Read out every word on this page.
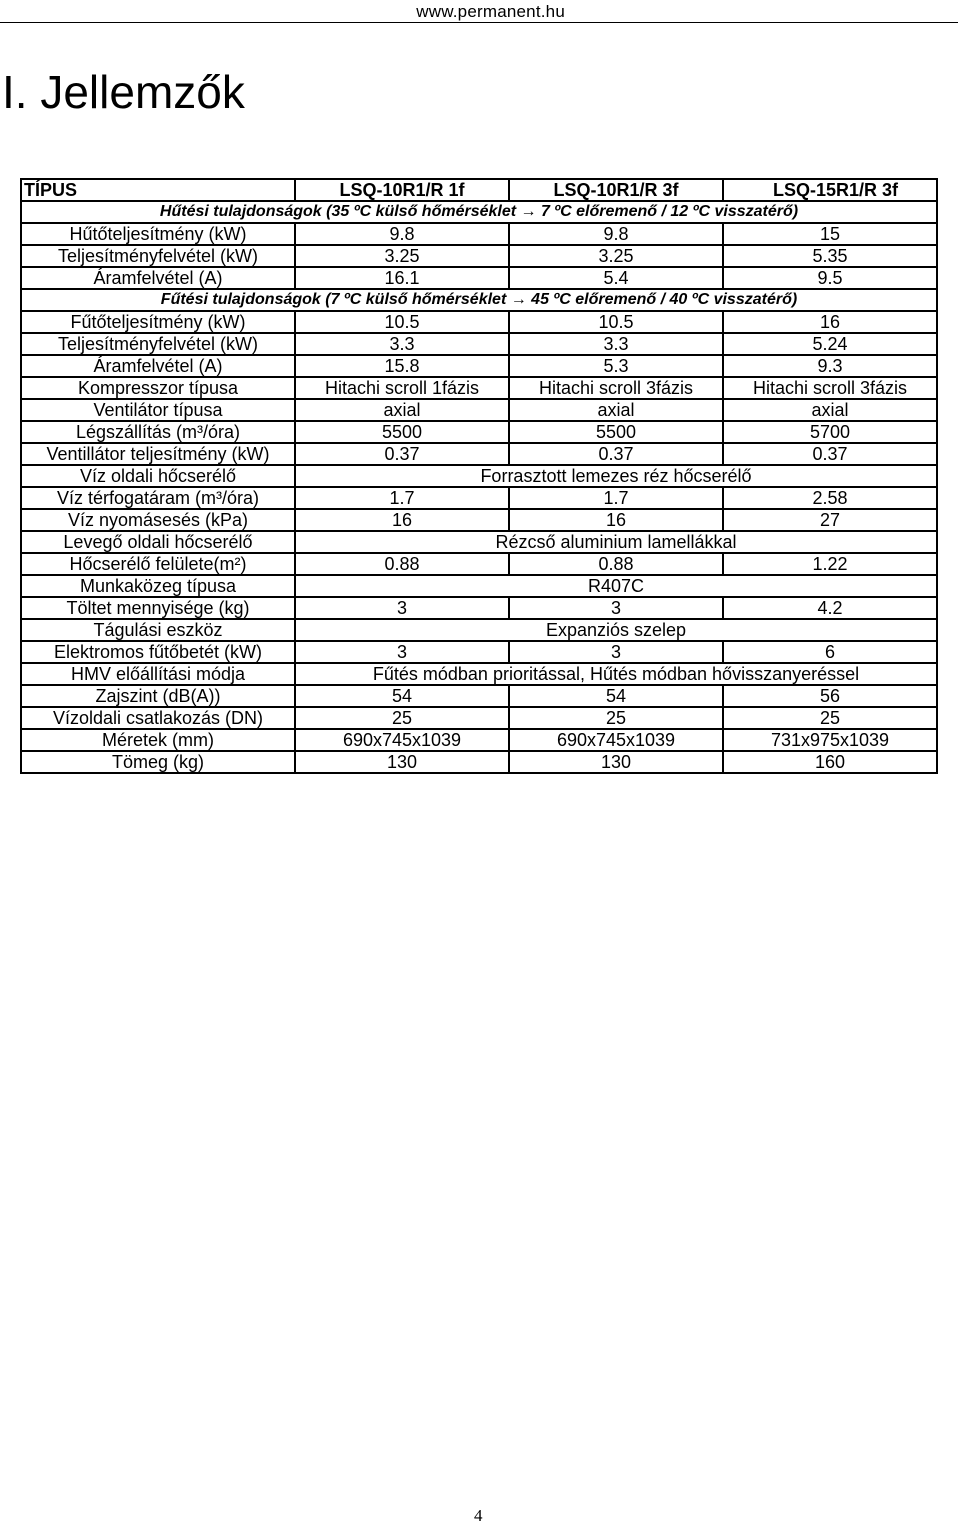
www.permanent.hu
I. Jellemzők
TÍPUS	LSQ-10R1/R 1f	LSQ-10R1/R 3f	LSQ-15R1/R 3f
Hűtési tulajdonságok (35 ºC külső hőmérséklet → 7 ºC előremenő / 12 ºC visszatérő)			
Hűtőteljesítmény (kW)	9.8	9.8	15
Teljesítményfelvétel (kW)	3.25	3.25	5.35
Áramfelvétel (A)	16.1	5.4	9.5
Fűtési tulajdonságok (7 ºC külső hőmérséklet → 45 ºC előremenő / 40 ºC visszatérő)			
Fűtőteljesítmény (kW)	10.5	10.5	16
Teljesítményfelvétel (kW)	3.3	3.3	5.24
Áramfelvétel (A)	15.8	5.3	9.3
Kompresszor típusa	Hitachi scroll 1fázis	Hitachi scroll 3fázis	Hitachi scroll 3fázis
Ventilátor típusa	axial	axial	axial
Légszállítás (m³/óra)	5500	5500	5700
Ventillátor teljesítmény (kW)	0.37	0.37	0.37
Víz oldali hőcserélő	Forrasztott lemezes réz hőcserélő		
Víz térfogatáram (m³/óra)	1.7	1.7	2.58
Víz nyomásesés (kPa)	16	16	27
Levegő oldali hőcserélő	Rézcső aluminium lamellákkal		
Hőcserélő felülete(m²)	0.88	0.88	1.22
Munkaközeg típusa	R407C		
Töltet mennyisége (kg)	3	3	4.2
Tágulási eszköz	Expanziós szelep		
Elektromos fűtőbetét (kW)	3	3	6
HMV előállítási módja	Fűtés módban prioritással, Hűtés módban hővisszanyeréssel		
Zajszint (dB(A))	54	54	56
Vízoldali csatlakozás (DN)	25	25	25
Méretek (mm)	690x745x1039	690x745x1039	731x975x1039
Tömeg (kg)	130	130	160
4
